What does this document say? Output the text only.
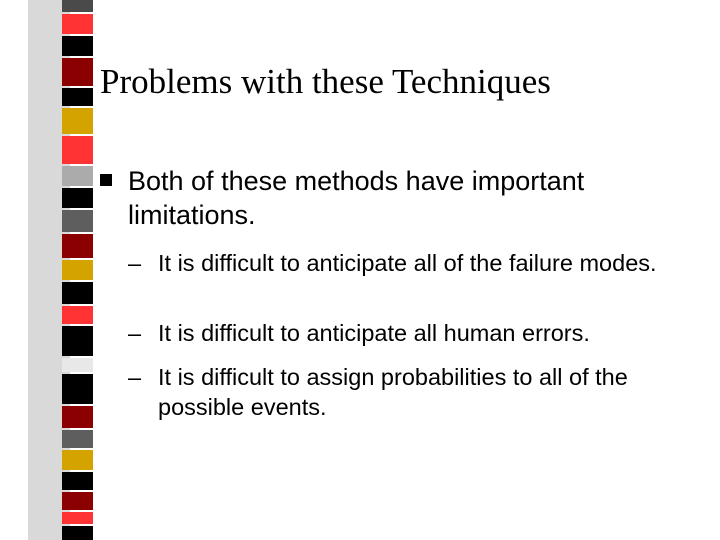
Problems with these Techniques
Both of these methods have important limitations.
– It is difficult to anticipate all of the failure modes.
– It is difficult to anticipate all human errors.
– It is difficult to assign probabilities to all of the possible events.
